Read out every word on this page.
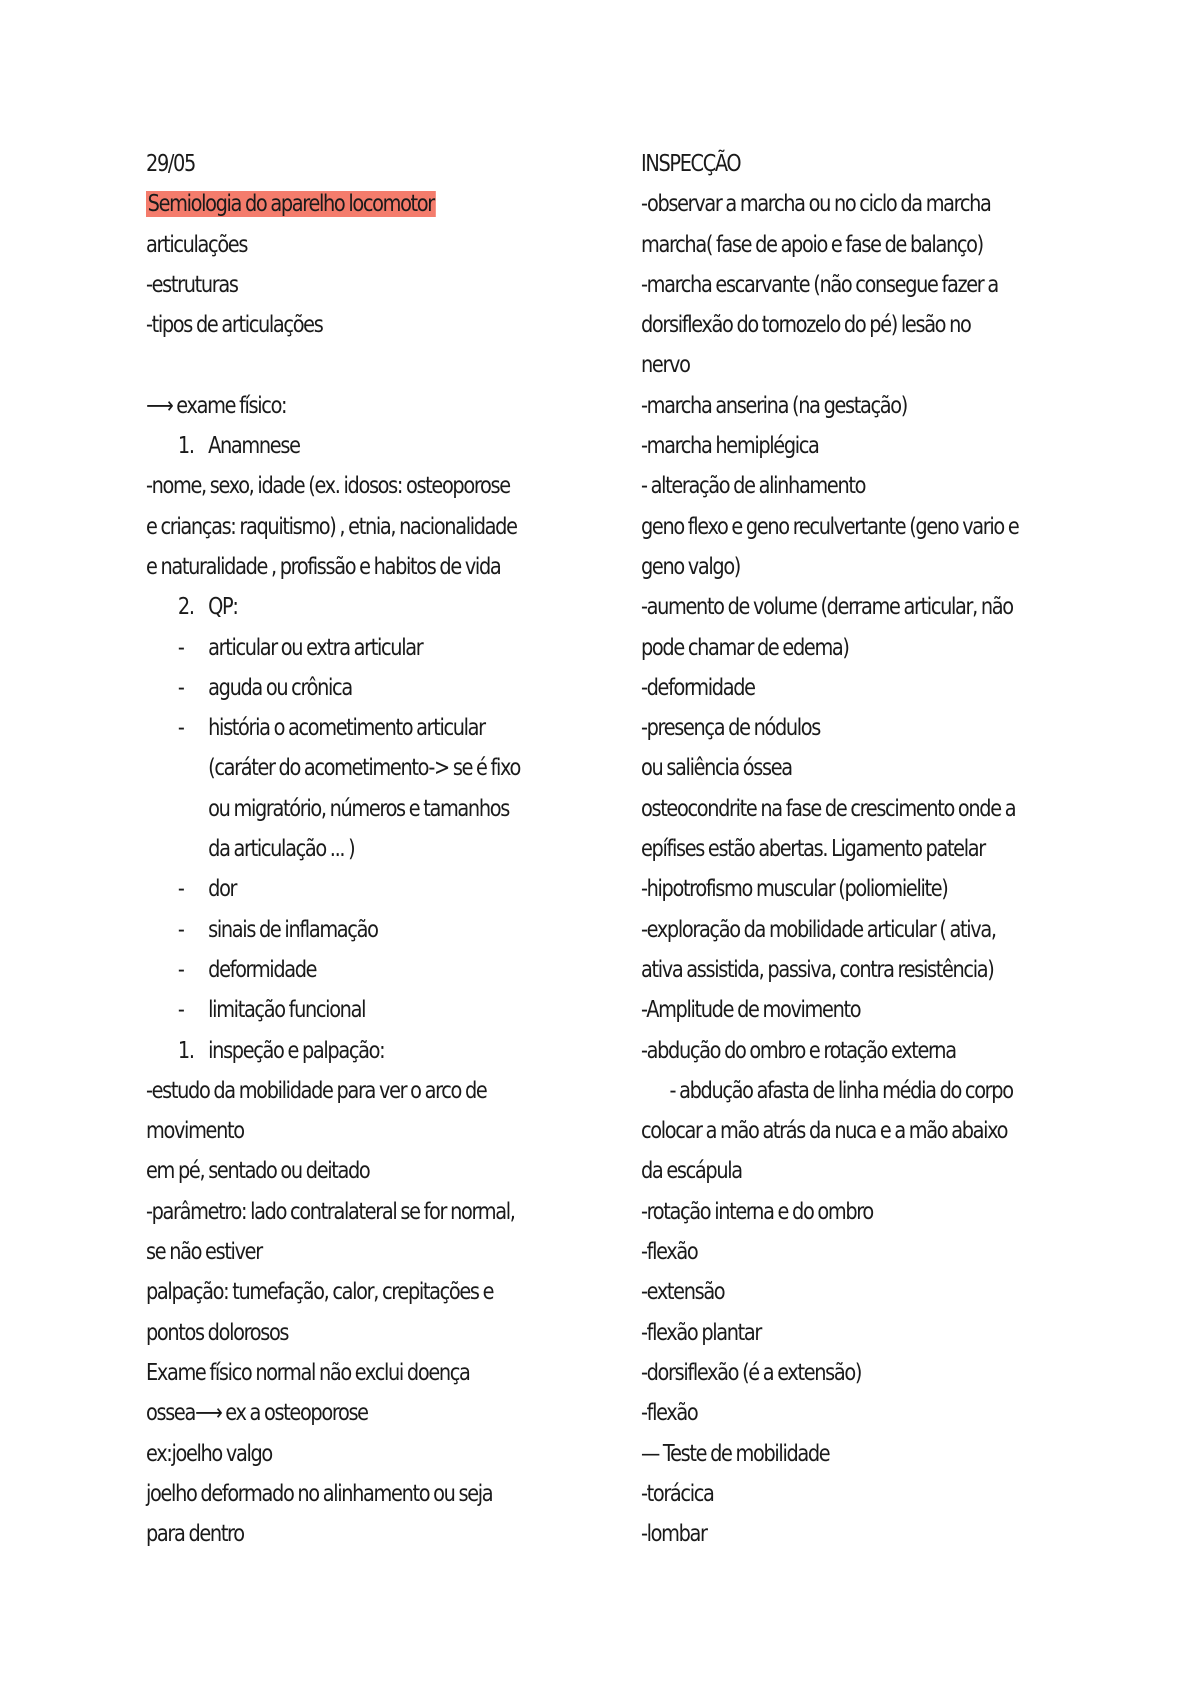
29/05
Semiologia do aparelho locomotor
articulações
-estruturas
-tipos de articulações
⟶ exame físico:
1. Anamnese
-nome, sexo, idade (ex. idosos: osteoporose
e crianças: raquitismo) , etnia, nacionalidade
e naturalidade , profissão e habitos de vida
2. QP:
-	articular ou extra articular
-	aguda ou crônica
-	história o acometimento articular
(caráter do acometimento-> se é fixo
ou migratório, números e tamanhos
da articulação ... )
-	dor
-	sinais de inflamação
-	deformidade
-	limitação funcional
1. inspeção e palpação:
-estudo da mobilidade para ver o arco de
movimento
em pé, sentado ou deitado
-parâmetro: lado contralateral se for normal,
se não estiver
palpação: tumefação, calor, crepitações e
pontos dolorosos
Exame físico normal não exclui doença
ossea⟶ ex a osteoporose
ex:joelho valgo
joelho deformado no alinhamento ou seja
para dentro
INSPECÇÃO
-observar a marcha ou no ciclo da marcha
marcha( fase de apoio e fase de balanço)
-marcha escarvante (não consegue fazer a
dorsiflexão do tornozelo do pé) lesão no
nervo
-marcha anserina (na gestação)
-marcha hemiplégica
- alteração de alinhamento
geno flexo e geno reculvertante (geno vario e
geno valgo)
-aumento de volume (derrame articular, não
pode chamar de edema)
-deformidade
-presença de nódulos
ou saliência óssea
osteocondrite na fase de crescimento onde a
epífises estão abertas. Ligamento patelar
-hipotrofismo muscular (poliomielite)
-exploração da mobilidade articular ( ativa,
ativa assistida, passiva, contra resistência)
-Amplitude de movimento
-abdução do ombro e rotação externa
- abdução afasta de linha média do corpo
colocar a mão atrás da nuca e a mão abaixo
da escápula
-rotação interna e do ombro
-flexão
-extensão
-flexão plantar
-dorsiflexão (é a extensão)
-flexão
— Teste de mobilidade
-torácica
-lombar
